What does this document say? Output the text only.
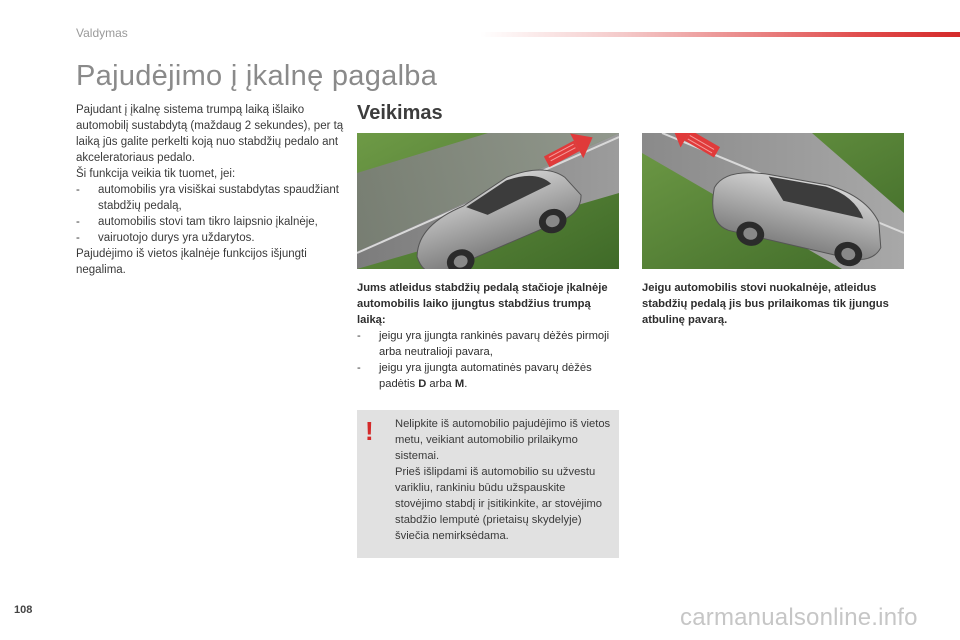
Valdymas
Pajudėjimo į įkalnę pagalba

Pajudant į įkalnę sistema trumpą laiką išlaiko automobilį sustabdytą (maždaug 2 sekundes), per tą laiką jūs galite perkelti koją nuo stabdžių pedalo ant akceleratoriaus pedalo.

Ši funkcija veikia tik tuomet, jei:

-	automobilis yra visiškai sustabdytas spaudžiant stabdžių pedalą,
-	automobilis stovi tam tikro laipsnio įkalnėje,
-	vairuotojo durys yra uždarytos.

Pajudėjimo iš vietos įkalnėje funkcijos išjungti negalima.

Veikimas

Jums atleidus stabdžių pedalą stačioje įkalnėje automobilis laiko įjungtus stabdžius trumpą laiką:

-	jeigu yra įjungta rankinės pavarų dėžės pirmoji arba neutralioji pavara,
-	jeigu yra įjungta automatinės pavarų dėžės padėtis D arba M.

Jeigu automobilis stovi nuokalnėje, atleidus stabdžių pedalą jis bus prilaikomas tik įjungus atbulinę pavarą.

! Nelipkite iš automobilio pajudėjimo iš vietos metu, veikiant automobilio prilaikymo sistemai.
Prieš išlipdami iš automobilio su užvestu varikliu, rankiniu būdu užspauskite stovėjimo stabdį ir įsitikinkite, ar stovėjimo stabdžio lemputė (prietaisų skydelyje) šviečia nemirksėdama.
108	carmanualsonline.info
